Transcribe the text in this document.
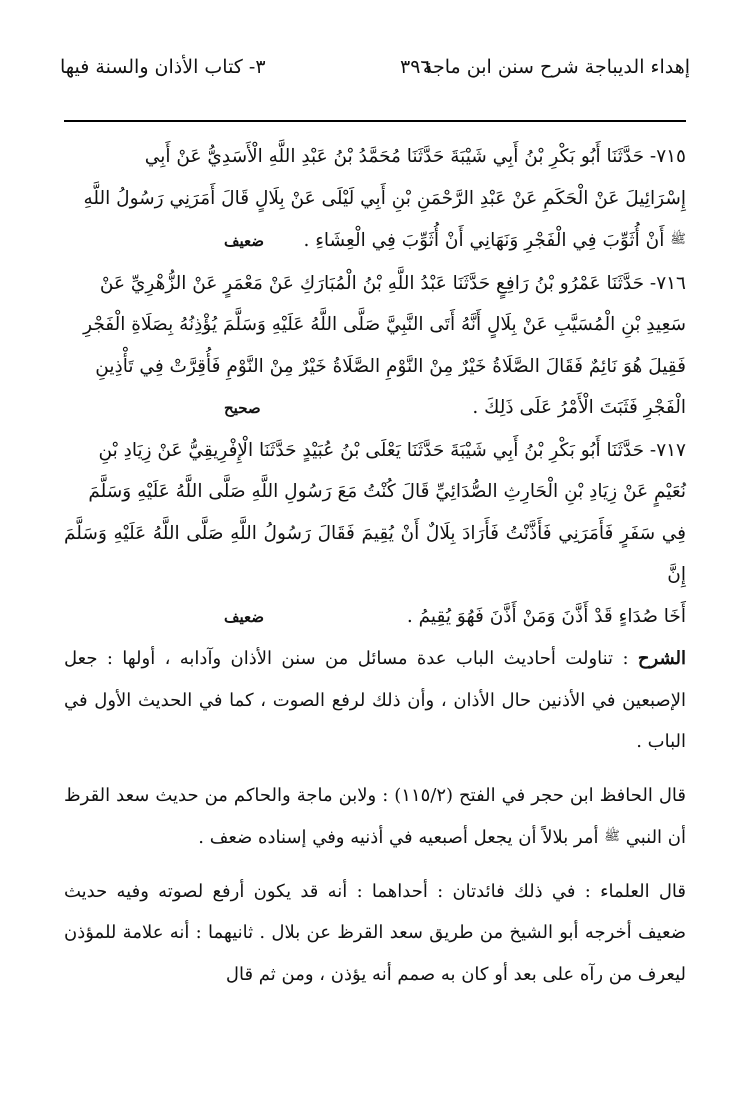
إهداء الديباجة شرح سنن ابن ماجة
٣٩٦
٣- كتاب الأذان والسنة فيها

٧١٥- حَدَّثَنَا أَبُو بَكْرِ بْنُ أَبِي شَيْبَةَ حَدَّثَنَا مُحَمَّدُ بْنُ عَبْدِ اللَّهِ الْأَسَدِيُّ عَنْ أَبِي

إِسْرَائِيلَ عَنْ الْحَكَمِ عَنْ عَبْدِ الرَّحْمَنِ بْنِ أَبِي لَيْلَى عَنْ بِلَالٍ قَالَ أَمَرَنِي رَسُولُ اللَّهِ

ﷺ أَنْ أُثَوِّبَ فِي الْفَجْرِ وَنَهَانِي أَنْ أُثَوِّبَ فِي الْعِشَاءِ .
ضعيف

٧١٦- حَدَّثَنَا عَمْرُو بْنُ رَافِعٍ حَدَّثَنَا عَبْدُ اللَّهِ بْنُ الْمُبَارَكِ عَنْ مَعْمَرٍ عَنْ الزُّهْرِيِّ عَنْ

سَعِيدِ بْنِ الْمُسَيَّبِ عَنْ بِلَالٍ أَنَّهُ أَتَى النَّبِيَّ صَلَّى اللَّهُ عَلَيْهِ وَسَلَّمَ يُؤْذِنُهُ بِصَلَاةِ الْفَجْرِ

فَقِيلَ هُوَ نَائِمٌ فَقَالَ الصَّلَاةُ خَيْرٌ مِنْ النَّوْمِ الصَّلَاةُ خَيْرٌ مِنْ النَّوْمِ فَأُقِرَّتْ فِي تَأْذِينِ

الْفَجْرِ فَثَبَتَ الْأَمْرُ عَلَى ذَلِكَ .
صحيح

٧١٧- حَدَّثَنَا أَبُو بَكْرِ بْنُ أَبِي شَيْبَةَ حَدَّثَنَا يَعْلَى بْنُ عُبَيْدٍ حَدَّثَنَا الْإِفْرِيقِيُّ عَنْ زِيَادِ بْنِ

نُعَيْمٍ عَنْ زِيَادِ بْنِ الْحَارِثِ الصُّدَائِيِّ قَالَ كُنْتُ مَعَ رَسُولِ اللَّهِ صَلَّى اللَّهُ عَلَيْهِ وَسَلَّمَ

فِي سَفَرٍ فَأَمَرَنِي فَأَذَّنْتُ فَأَرَادَ بِلَالٌ أَنْ يُقِيمَ فَقَالَ رَسُولُ اللَّهِ صَلَّى اللَّهُ عَلَيْهِ وَسَلَّمَ إِنَّ

أَخَا صُدَاءٍ قَدْ أَذَّنَ وَمَنْ أَذَّنَ فَهُوَ يُقِيمُ .
ضعيف

الشرح : تناولت أحاديث الباب عدة مسائل من سنن الأذان وآدابه ، أولها : جعل الإصبعين في الأذنين حال الأذان ، وأن ذلك لرفع الصوت ، كما في الحديث الأول في الباب .

قال الحافظ ابن حجر في الفتح (١١٥/٢) : ولابن ماجة والحاكم من حديث سعد القرظ أن النبي ﷺ أمر بلالاً أن يجعل أصبعيه في أذنيه وفي إسناده ضعف .

قال العلماء : في ذلك فائدتان : أحداهما : أنه قد يكون أرفع لصوته وفيه حديث ضعيف أخرجه أبو الشيخ من طريق سعد القرظ عن بلال . ثانيهما : أنه علامة للمؤذن ليعرف من رآه على بعد أو كان به صمم أنه يؤذن ، ومن ثم قال
